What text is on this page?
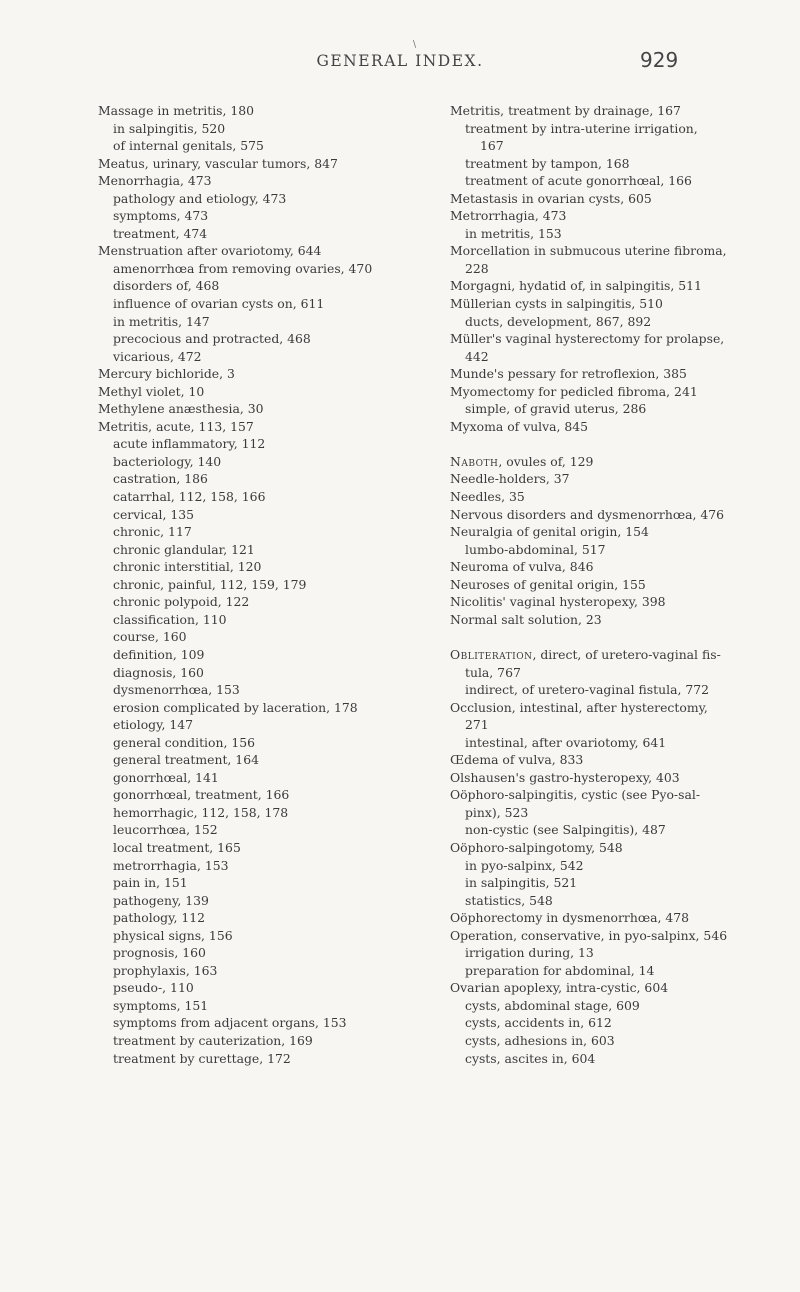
\
GENERAL INDEX.	929
Massage in metritis, 180
in salpingitis, 520
of internal genitals, 575
Meatus, urinary, vascular tumors, 847
Menorrhagia, 473
pathology and etiology, 473
symptoms, 473
treatment, 474
Menstruation after ovariotomy, 644
amenorrhœa from removing ovaries, 470
disorders of, 468
influence of ovarian cysts on, 611
in metritis, 147
precocious and protracted, 468
vicarious, 472
Mercury bichloride, 3
Methyl violet, 10
Methylene anæsthesia, 30
Metritis, acute, 113, 157
acute inflammatory, 112
bacteriology, 140
castration, 186
catarrhal, 112, 158, 166
cervical, 135
chronic, 117
chronic glandular, 121
chronic interstitial, 120
chronic, painful, 112, 159, 179
chronic polypoid, 122
classification, 110
course, 160
definition, 109
diagnosis, 160
dysmenorrhœa, 153
erosion complicated by laceration, 178
etiology, 147
general condition, 156
general treatment, 164
gonorrhœal, 141
gonorrhœal, treatment, 166
hemorrhagic, 112, 158, 178
leucorrhœa, 152
local treatment, 165
metrorrhagia, 153
pain in, 151
pathogeny, 139
pathology, 112
physical signs, 156
prognosis, 160
prophylaxis, 163
pseudo-, 110
symptoms, 151
symptoms from adjacent organs, 153
treatment by cauterization, 169
treatment by curettage, 172
Metritis, treatment by drainage, 167
treatment by intra-uterine irrigation,
167
treatment by tampon, 168
treatment of acute gonorrhœal, 166
Metastasis in ovarian cysts, 605
Metrorrhagia, 473
in metritis, 153
Morcellation in submucous uterine fibroma,
228
Morgagni, hydatid of, in salpingitis, 511
Müllerian cysts in salpingitis, 510
ducts, development, 867, 892
Müller's vaginal hysterectomy for prolapse,
442
Munde's pessary for retroflexion, 385
Myomectomy for pedicled fibroma, 241
simple, of gravid uterus, 286
Myxoma of vulva, 845
Naboth, ovules of, 129
Needle-holders, 37
Needles, 35
Nervous disorders and dysmenorrhœa, 476
Neuralgia of genital origin, 154
lumbo-abdominal, 517
Neuroma of vulva, 846
Neuroses of genital origin, 155
Nicolitis' vaginal hysteropexy, 398
Normal salt solution, 23
Obliteration, direct, of uretero-vaginal fis-
tula, 767
indirect, of uretero-vaginal fistula, 772
Occlusion, intestinal, after hysterectomy,
271
intestinal, after ovariotomy, 641
Œdema of vulva, 833
Olshausen's gastro-hysteropexy, 403
Oöphoro-salpingitis, cystic (see Pyo-sal-
pinx), 523
non-cystic (see Salpingitis), 487
Oöphoro-salpingotomy, 548
in pyo-salpinx, 542
in salpingitis, 521
statistics, 548
Oöphorectomy in dysmenorrhœa, 478
Operation, conservative, in pyo-salpinx, 546
irrigation during, 13
preparation for abdominal, 14
Ovarian apoplexy, intra-cystic, 604
cysts, abdominal stage, 609
cysts, accidents in, 612
cysts, adhesions in, 603
cysts, ascites in, 604
